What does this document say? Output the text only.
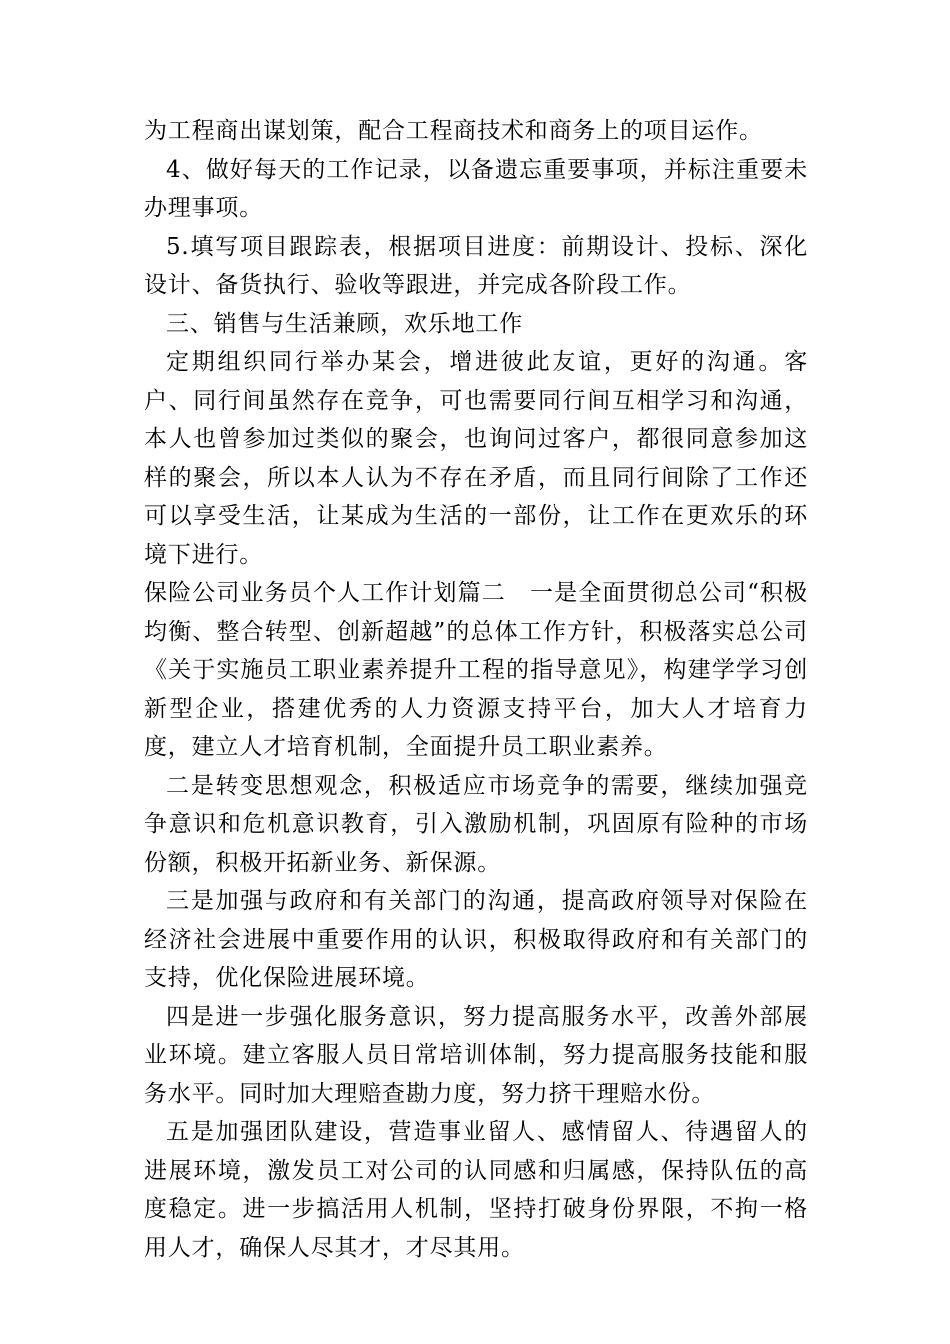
为工程商出谋划策，配合工程商技术和商务上的项目运作。

4、做好每天的工作记录，以备遗忘重要事项，并标注重要未办理事项。

5.填写项目跟踪表，根据项目进度：前期设计、投标、深化设计、备货执行、验收等跟进，并完成各阶段工作。

三、销售与生活兼顾，欢乐地工作

定期组织同行举办某会，增进彼此友谊，更好的沟通。客户、同行间虽然存在竞争，可也需要同行间互相学习和沟通，本人也曾参加过类似的聚会，也询问过客户，都很同意参加这样的聚会，所以本人认为不存在矛盾，而且同行间除了工作还可以享受生活，让某成为生活的一部份，让工作在更欢乐的环境下进行。

保险公司业务员个人工作计划篇二　一是全面贯彻总公司“积极均衡、整合转型、创新超越”的总体工作方针，积极落实总公司《关于实施员工职业素养提升工程的指导意见》，构建学学习创新型企业，搭建优秀的人力资源支持平台，加大人才培育力度，建立人才培育机制，全面提升员工职业素养。

二是转变思想观念，积极适应市场竞争的需要，继续加强竞争意识和危机意识教育，引入激励机制，巩固原有险种的市场份额，积极开拓新业务、新保源。

三是加强与政府和有关部门的沟通，提高政府领导对保险在经济社会进展中重要作用的认识，积极取得政府和有关部门的支持，优化保险进展环境。

四是进一步强化服务意识，努力提高服务水平，改善外部展业环境。建立客服人员日常培训体制，努力提高服务技能和服务水平。同时加大理赔查勘力度，努力挤干理赔水份。

五是加强团队建设，营造事业留人、感情留人、待遇留人的进展环境，激发员工对公司的认同感和归属感，保持队伍的高度稳定。进一步搞活用人机制，坚持打破身份界限，不拘一格用人才，确保人尽其才，才尽其用。
